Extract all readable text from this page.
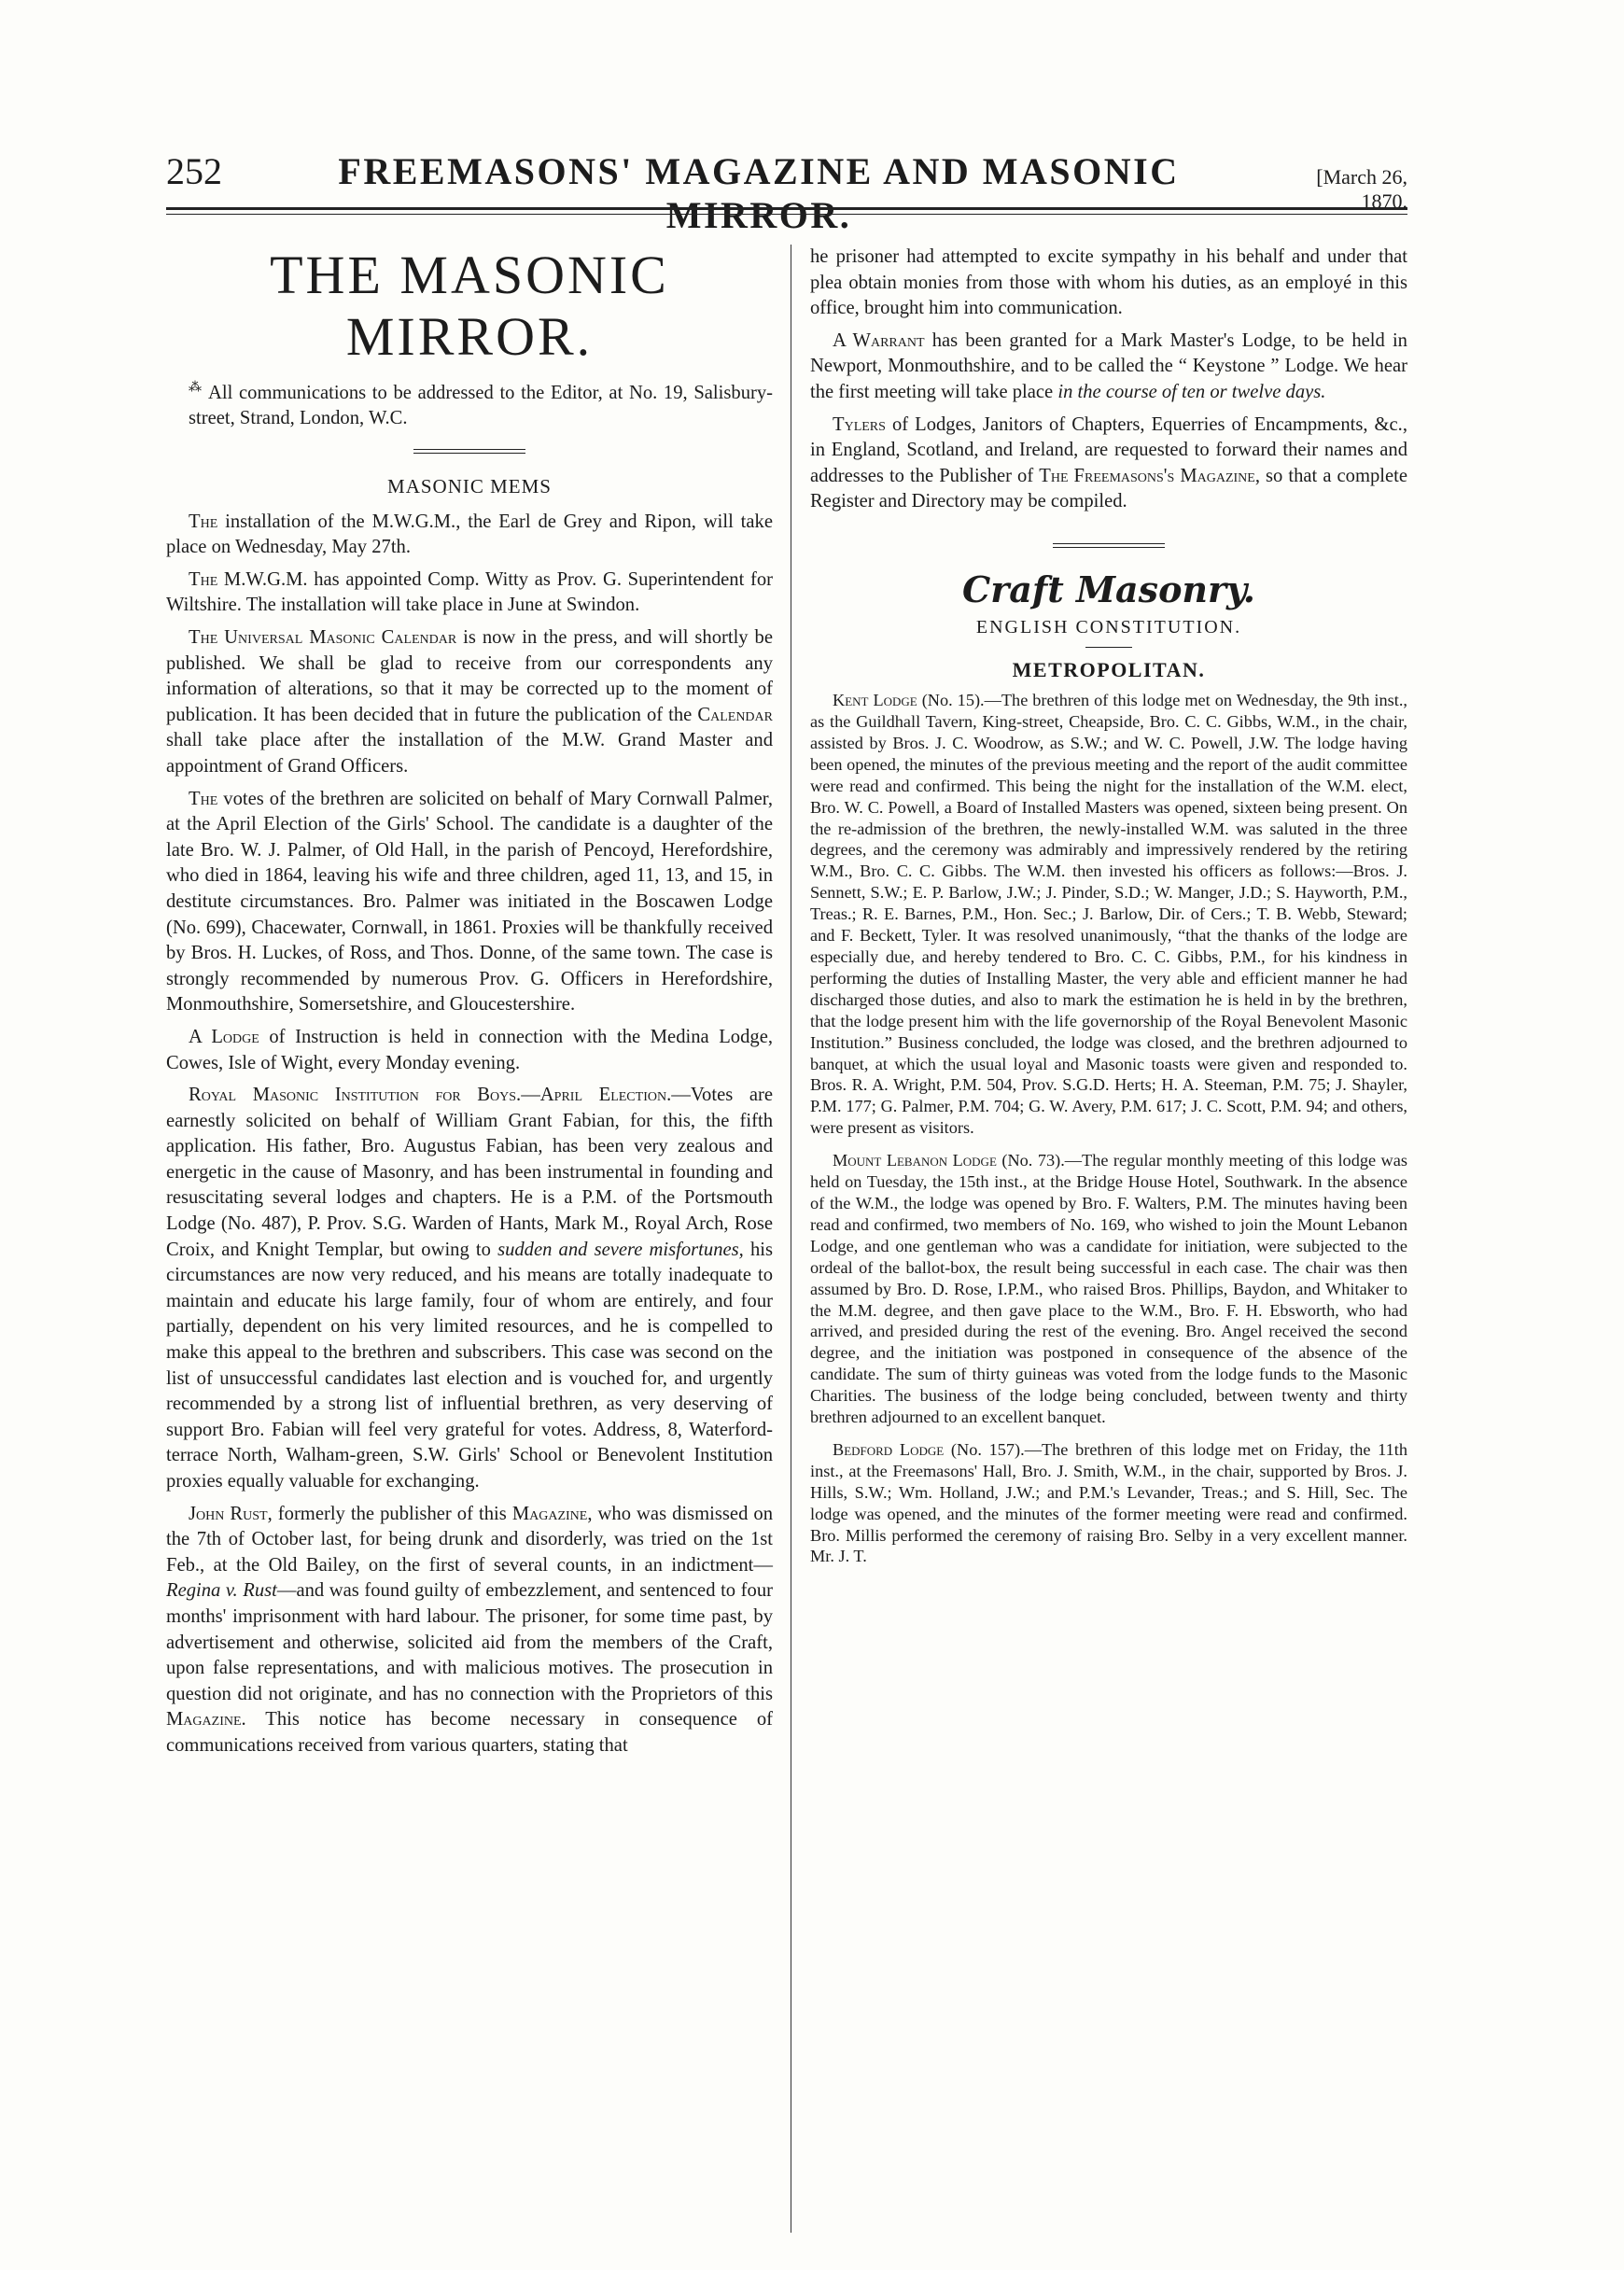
252	FREEMASONS' MAGAZINE AND MASONIC MIRROR.
[March 26, 1870.
THE MASONIC MIRROR.

⁂ All communications to be addressed to the Editor, at No. 19, Salisbury-street, Strand, London, W.C.

MASONIC MEMS

The installation of the M.W.G.M., the Earl de Grey and Ripon, will take place on Wednesday, May 27th.

The M.W.G.M. has appointed Comp. Witty as Prov. G. Superintendent for Wiltshire. The installation will take place in June at Swindon.

The Universal Masonic Calendar is now in the press, and will shortly be published. We shall be glad to receive from our correspondents any information of alterations, so that it may be corrected up to the moment of publication. It has been decided that in future the publication of the Calendar shall take place after the installation of the M.W. Grand Master and appointment of Grand Officers.

The votes of the brethren are solicited on behalf of Mary Cornwall Palmer, at the April Election of the Girls' School. The candidate is a daughter of the late Bro. W. J. Palmer, of Old Hall, in the parish of Pencoyd, Herefordshire, who died in 1864, leaving his wife and three children, aged 11, 13, and 15, in destitute circumstances. Bro. Palmer was initiated in the Boscawen Lodge (No. 699), Chacewater, Cornwall, in 1861. Proxies will be thankfully received by Bros. H. Luckes, of Ross, and Thos. Donne, of the same town. The case is strongly recommended by numerous Prov. G. Officers in Herefordshire, Monmouthshire, Somersetshire, and Gloucestershire.

A Lodge of Instruction is held in connection with the Medina Lodge, Cowes, Isle of Wight, every Monday evening.

Royal Masonic Institution for Boys.—April Election.—Votes are earnestly solicited on behalf of William Grant Fabian, for this, the fifth application. His father, Bro. Augustus Fabian, has been very zealous and energetic in the cause of Masonry, and has been instrumental in founding and resuscitating several lodges and chapters. He is a P.M. of the Portsmouth Lodge (No. 487), P. Prov. S.G. Warden of Hants, Mark M., Royal Arch, Rose Croix, and Knight Templar, but owing to sudden and severe misfortunes, his circumstances are now very reduced, and his means are totally inadequate to maintain and educate his large family, four of whom are entirely, and four partially, dependent on his very limited resources, and he is compelled to make this appeal to the brethren and subscribers. This case was second on the list of unsuccessful candidates last election and is vouched for, and urgently recommended by a strong list of influential brethren, as very deserving of support Bro. Fabian will feel very grateful for votes. Address, 8, Waterford-terrace North, Walham-green, S.W. Girls' School or Benevolent Institution proxies equally valuable for exchanging.

John Rust, formerly the publisher of this Magazine, who was dismissed on the 7th of October last, for being drunk and disorderly, was tried on the 1st Feb., at the Old Bailey, on the first of several counts, in an indictment—Regina v. Rust—and was found guilty of embezzlement, and sentenced to four months' imprisonment with hard labour. The prisoner, for some time past, by advertisement and otherwise, solicited aid from the members of the Craft, upon false representations, and with malicious motives. The prosecution in question did not originate, and has no connection with the Proprietors of this Magazine. This notice has become necessary in consequence of communications received from various quarters, stating that

he prisoner had attempted to excite sympathy in his behalf and under that plea obtain monies from those with whom his duties, as an employé in this office, brought him into communication.

A Warrant has been granted for a Mark Master's Lodge, to be held in Newport, Monmouthshire, and to be called the “ Keystone ” Lodge. We hear the first meeting will take place in the course of ten or twelve days.

Tylers of Lodges, Janitors of Chapters, Equerries of Encampments, &c., in England, Scotland, and Ireland, are requested to forward their names and addresses to the Publisher of The Freemasons's Magazine, so that a complete Register and Directory may be compiled.

Craft Masonry.
ENGLISH CONSTITUTION.
METROPOLITAN.

Kent Lodge (No. 15).—The brethren of this lodge met on Wednesday, the 9th inst., as the Guildhall Tavern, King-street, Cheapside, Bro. C. C. Gibbs, W.M., in the chair, assisted by Bros. J. C. Woodrow, as S.W.; and W. C. Powell, J.W. The lodge having been opened, the minutes of the previous meeting and the report of the audit committee were read and confirmed. This being the night for the installation of the W.M. elect, Bro. W. C. Powell, a Board of Installed Masters was opened, sixteen being present. On the re-admission of the brethren, the newly-installed W.M. was saluted in the three degrees, and the ceremony was admirably and impressively rendered by the retiring W.M., Bro. C. C. Gibbs. The W.M. then invested his officers as follows:—Bros. J. Sennett, S.W.; E. P. Barlow, J.W.; J. Pinder, S.D.; W. Manger, J.D.; S. Hayworth, P.M., Treas.; R. E. Barnes, P.M., Hon. Sec.; J. Barlow, Dir. of Cers.; T. B. Webb, Steward; and F. Beckett, Tyler. It was resolved unanimously, “that the thanks of the lodge are especially due, and hereby tendered to Bro. C. C. Gibbs, P.M., for his kindness in performing the duties of Installing Master, the very able and efficient manner he had discharged those duties, and also to mark the estimation he is held in by the brethren, that the lodge present him with the life governorship of the Royal Benevolent Masonic Institution.” Business concluded, the lodge was closed, and the brethren adjourned to banquet, at which the usual loyal and Masonic toasts were given and responded to. Bros. R. A. Wright, P.M. 504, Prov. S.G.D. Herts; H. A. Steeman, P.M. 75; J. Shayler, P.M. 177; G. Palmer, P.M. 704; G. W. Avery, P.M. 617; J. C. Scott, P.M. 94; and others, were present as visitors.

Mount Lebanon Lodge (No. 73).—The regular monthly meeting of this lodge was held on Tuesday, the 15th inst., at the Bridge House Hotel, Southwark. In the absence of the W.M., the lodge was opened by Bro. F. Walters, P.M. The minutes having been read and confirmed, two members of No. 169, who wished to join the Mount Lebanon Lodge, and one gentleman who was a candidate for initiation, were subjected to the ordeal of the ballot-box, the result being successful in each case. The chair was then assumed by Bro. D. Rose, I.P.M., who raised Bros. Phillips, Baydon, and Whitaker to the M.M. degree, and then gave place to the W.M., Bro. F. H. Ebsworth, who had arrived, and presided during the rest of the evening. Bro. Angel received the second degree, and the initiation was postponed in consequence of the absence of the candidate. The sum of thirty guineas was voted from the lodge funds to the Masonic Charities. The business of the lodge being concluded, between twenty and thirty brethren adjourned to an excellent banquet.

Bedford Lodge (No. 157).—The brethren of this lodge met on Friday, the 11th inst., at the Freemasons' Hall, Bro. J. Smith, W.M., in the chair, supported by Bros. J. Hills, S.W.; Wm. Holland, J.W.; and P.M.'s Levander, Treas.; and S. Hill, Sec. The lodge was opened, and the minutes of the former meeting were read and confirmed. Bro. Millis performed the ceremony of raising Bro. Selby in a very excellent manner. Mr. J. T.
